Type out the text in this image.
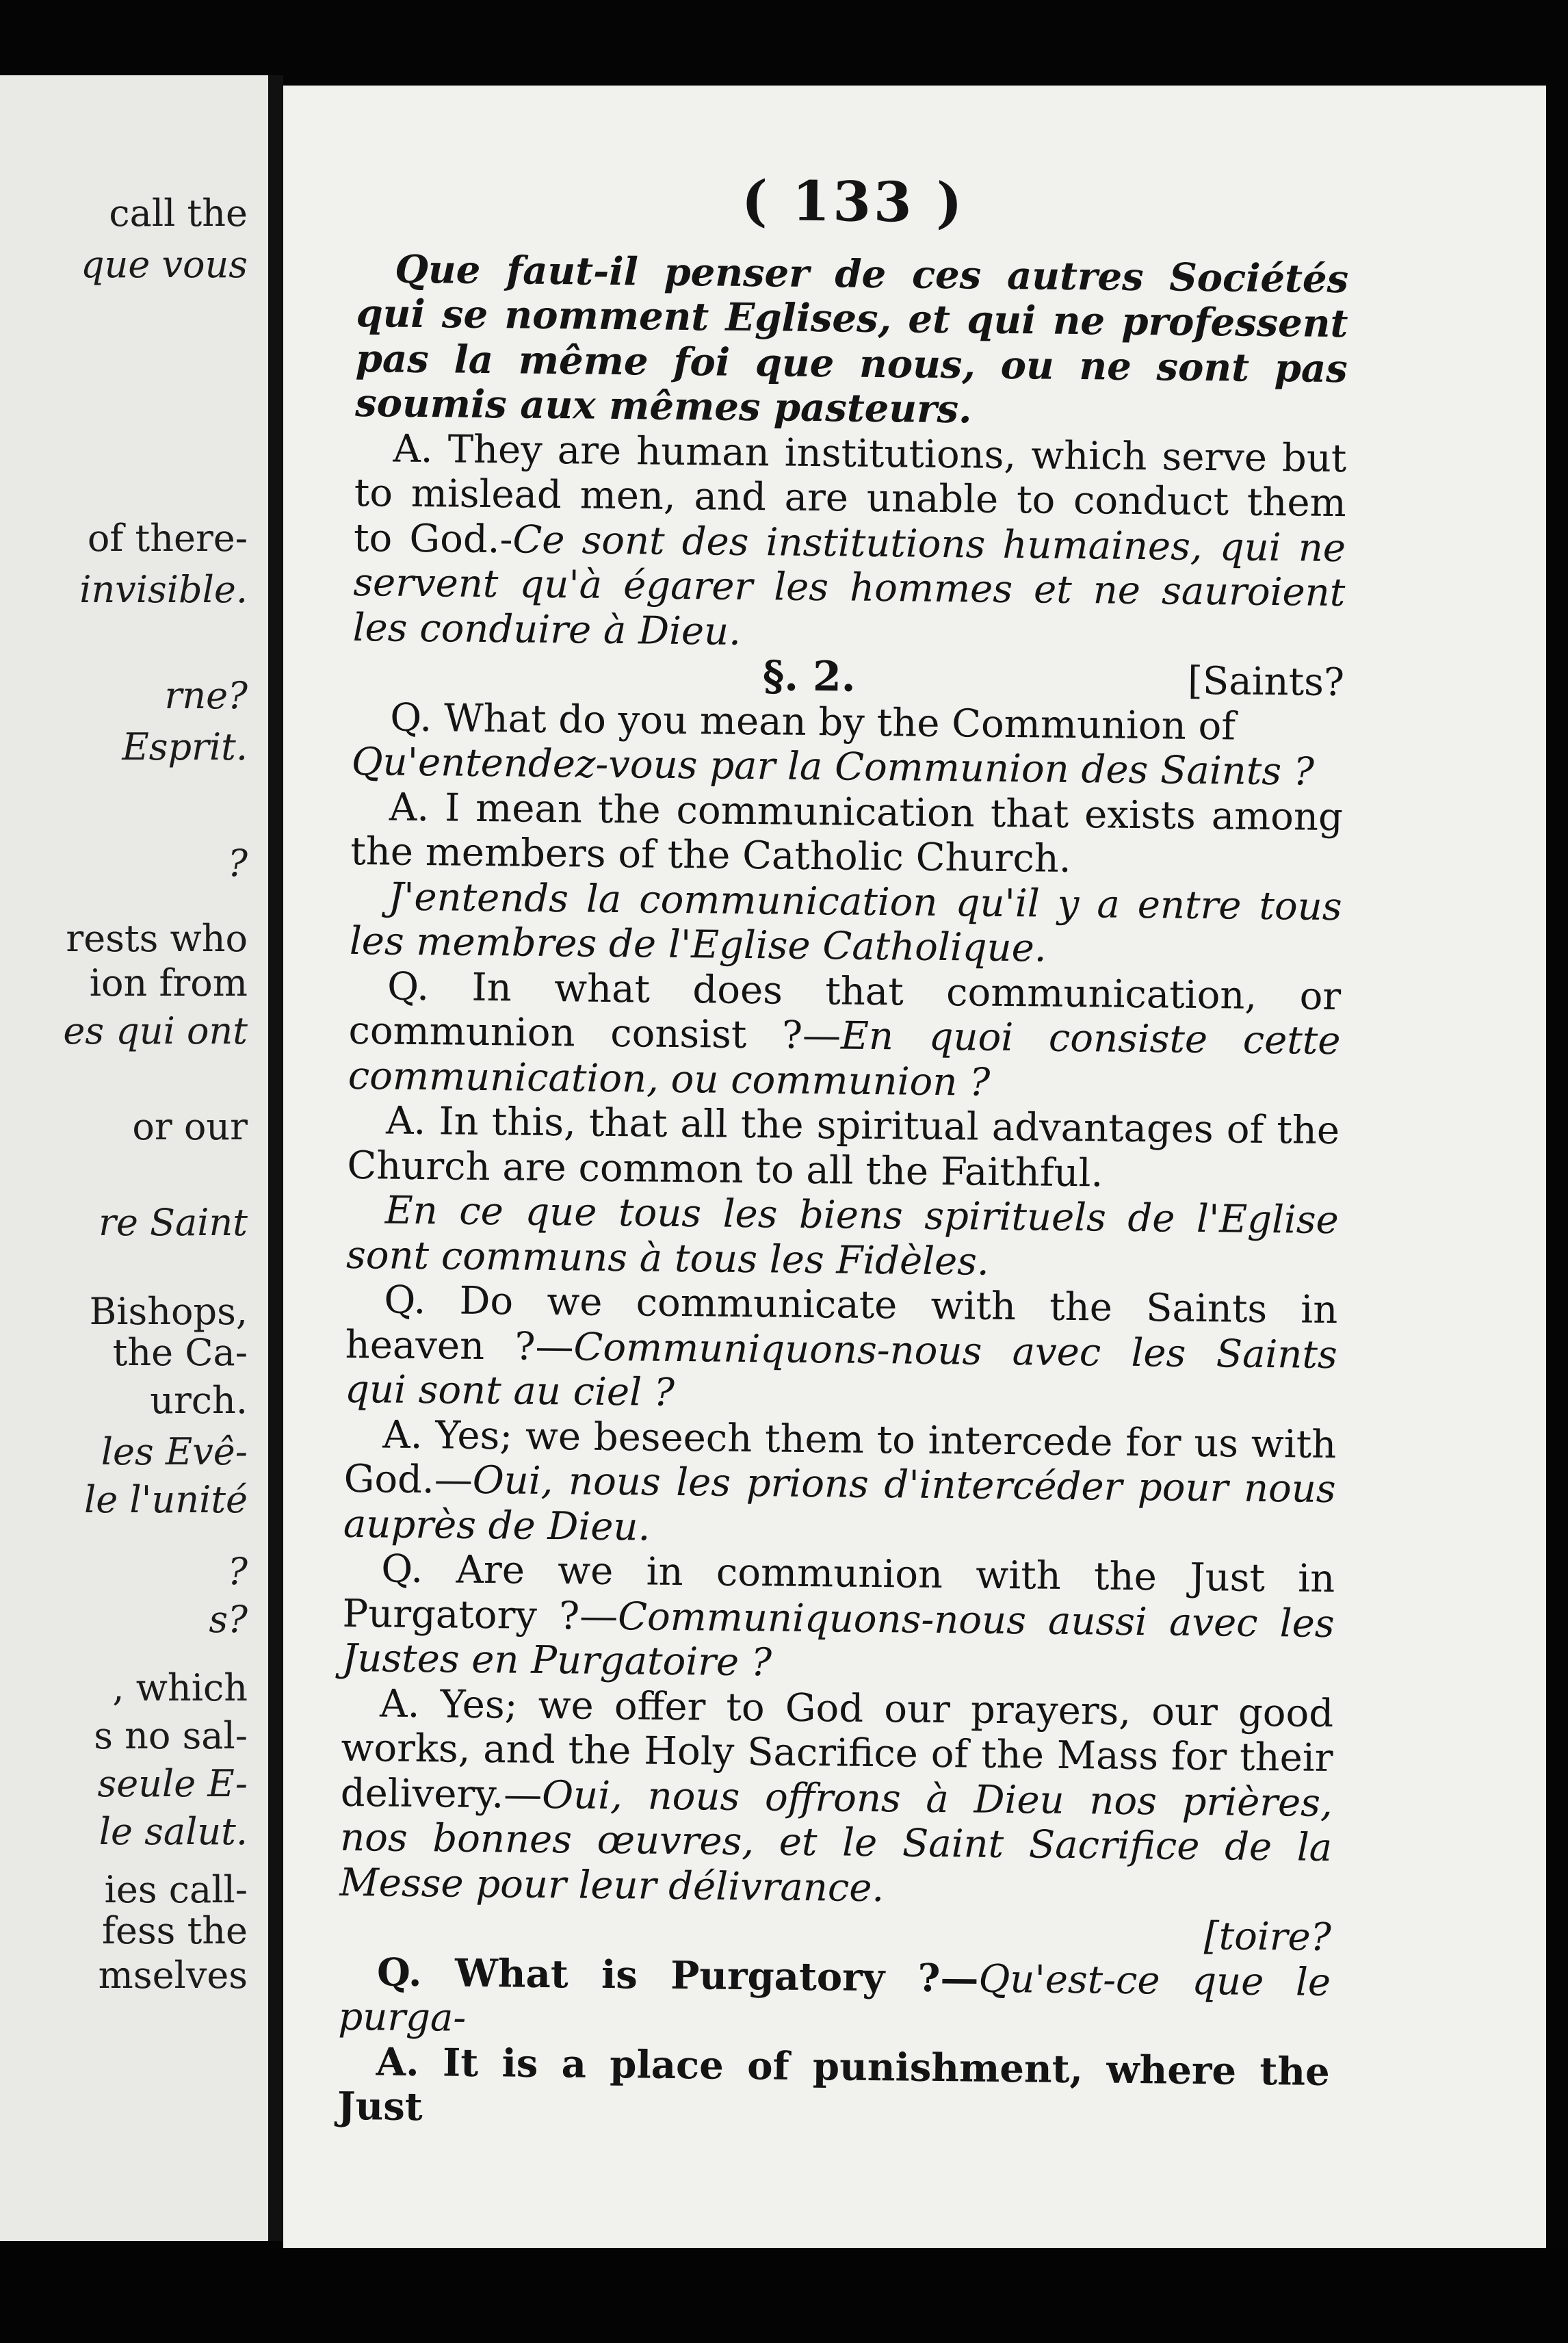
call the
que vous
of there-
invisible.
rne?
Esprit.
?
rests who
ion from
es qui ont
or our
re Saint
Bishops,
the Ca-
urch.
les Evê-
le l'unité
?
s?
, which
s no sal-
seule E-
le salut.
ies call-
fess the
mselves
( 133 )

Que faut-il penser de ces autres Sociétés qui se nomment Eglises, et qui ne professent pas la même foi que nous, ou ne sont pas soumis aux mêmes pasteurs.

A. They are human institutions, which serve but to mislead men, and are unable to conduct them to God.-Ce sont des institutions humaines, qui ne servent qu'à égarer les hommes et ne sauroient les conduire à Dieu.

§. 2.	[Saints?

Q. What do you mean by the Communion of
Qu'entendez-vous par la Communion des Saints ?

A. I mean the communication that exists among the members of the Catholic Church.

J'entends la communication qu'il y a entre tous les membres de l'Eglise Catholique.

Q. In what does that communication, or communion consist ?—En quoi consiste cette communication, ou communion ?

A. In this, that all the spiritual advantages of the Church are common to all the Faithful.

En ce que tous les biens spirituels de l'Eglise sont communs à tous les Fidèles.

Q. Do we communicate with the Saints in heaven ?—Communiquons-nous avec les Saints qui sont au ciel ?

A. Yes; we beseech them to intercede for us with God.—Oui, nous les prions d'intercéder pour nous auprès de Dieu.

Q. Are we in communion with the Just in Purgatory ?—Communiquons-nous aussi avec les Justes en Purgatoire ?

A. Yes; we offer to God our prayers, our good works, and the Holy Sacrifice of the Mass for their delivery.—Oui, nous offrons à Dieu nos prières, nos bonnes œuvres, et le Saint Sacrifice de la Messe pour leur délivrance.

[toire?

Q. What is Purgatory ?—Qu'est-ce que le purga-

A. It is a place of punishment, where the Just
